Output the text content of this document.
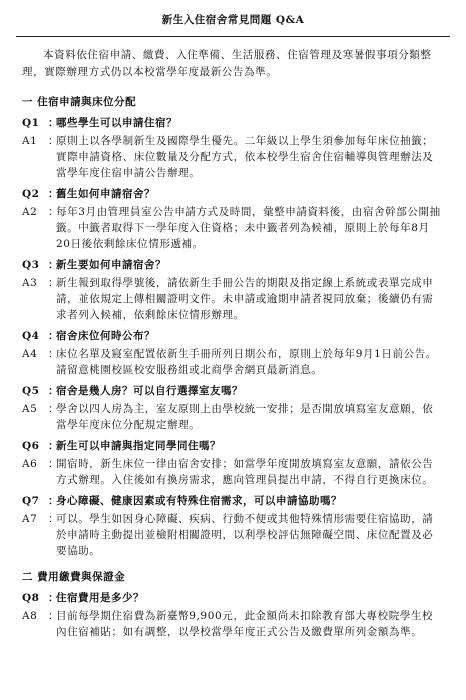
新生入住宿舍常見問題 Q&A
本資料依住宿申請、繳費、入住準備、生活服務、住宿管理及寒暑假事項分類整理，實際辦理方式仍以本校當學年度最新公告為準。
一 住宿申請與床位分配
Q1 ：
哪些學生可以申請住宿？
A1	：
原則上以各學制新生及國際學生優先。二年級以上學生須參加每年床位抽籤；實際申請資格、床位數量及分配方式，依本校學生宿舍住宿輔導與管理辦法及當學年度住宿申請公告辦理。
Q2 ：
舊生如何申請宿舍？
A2	：
每年3月由管理員室公告申請方式及時間，彙整申請資料後，由宿舍幹部公開抽籤。中籤者取得下一學年度入住資格；未中籤者列為候補，原則上於每年8月20日後依剩餘床位情形遞補。
Q3 ：
新生要如何申請宿舍？
A3	：
新生報到取得學號後，請依新生手冊公告的期限及指定線上系統或表單完成申請，並依規定上傳相關證明文件。未申請或逾期申請者視同放棄；後續仍有需求者列入候補，依剩餘床位情形辦理。
Q4 ：
宿舍床位何時公布？
A4	：
床位名單及寢室配置依新生手冊所列日期公布，原則上於每年9月1日前公告。請留意桃園校區校安服務組或北商學舍網頁最新消息。
Q5 ：
宿舍是幾人房？可以自行選擇室友嗎？
A5	：
學舍以四人房為主，室友原則上由學校統一安排；是否開放填寫室友意願，依當學年度床位分配規定辦理。
Q6 ：
新生可以申請與指定同學同住嗎？
A6	：
開宿時，新生床位一律由宿舍安排；如當學年度開放填寫室友意願，請依公告方式辦理。入住後如有換房需求，應向管理員提出申請，不得自行更換床位。
Q7 ：
身心障礙、健康因素或有特殊住宿需求，可以申請協助嗎？
A7	：
可以。學生如因身心障礙、疾病、行動不便或其他特殊情形需要住宿協助，請於申請時主動提出並檢附相關證明，以利學校評估無障礙空間、床位配置及必要協助。
二 費用繳費與保證金
Q8 ：
住宿費用是多少？
A8	：
目前每學期住宿費為新臺幣9,900元，此金額尚未扣除教育部大專校院學生校內住宿補貼；如有調整，以學校當學年度正式公告及繳費單所列金額為準。
